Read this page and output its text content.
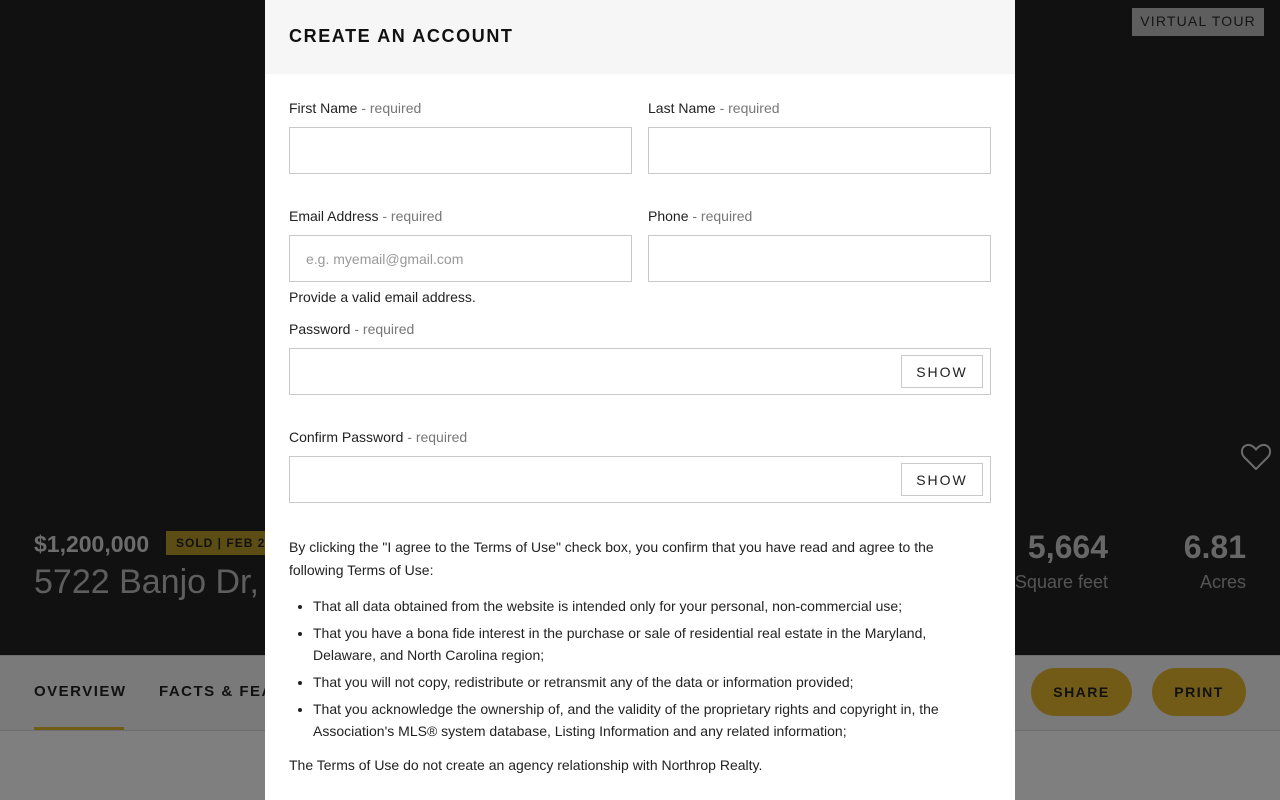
CREATE AN ACCOUNT
First Name - required	Last Name - required
Email Address - required
e.g. myemail@gmail.com
Provide a valid email address.
Phone - required
Password - required
SHOW
Confirm Password - required
SHOW

By clicking the "I agree to the Terms of Use" check box, you confirm that you have read and agree to the following Terms of Use:

• That all data obtained from the website is intended only for your personal, non-commercial use;
• That you have a bona fide interest in the purchase or sale of residential real estate in the Maryland, Delaware, and North Carolina region;
• That you will not copy, redistribute or retransmit any of the data or information provided;
• That you acknowledge the ownership of, and the validity of the proprietary rights and copyright in, the Association's MLS® system database, Listing Information and any related information;

The Terms of Use do not create an agency relationship with Northrop Realty.
